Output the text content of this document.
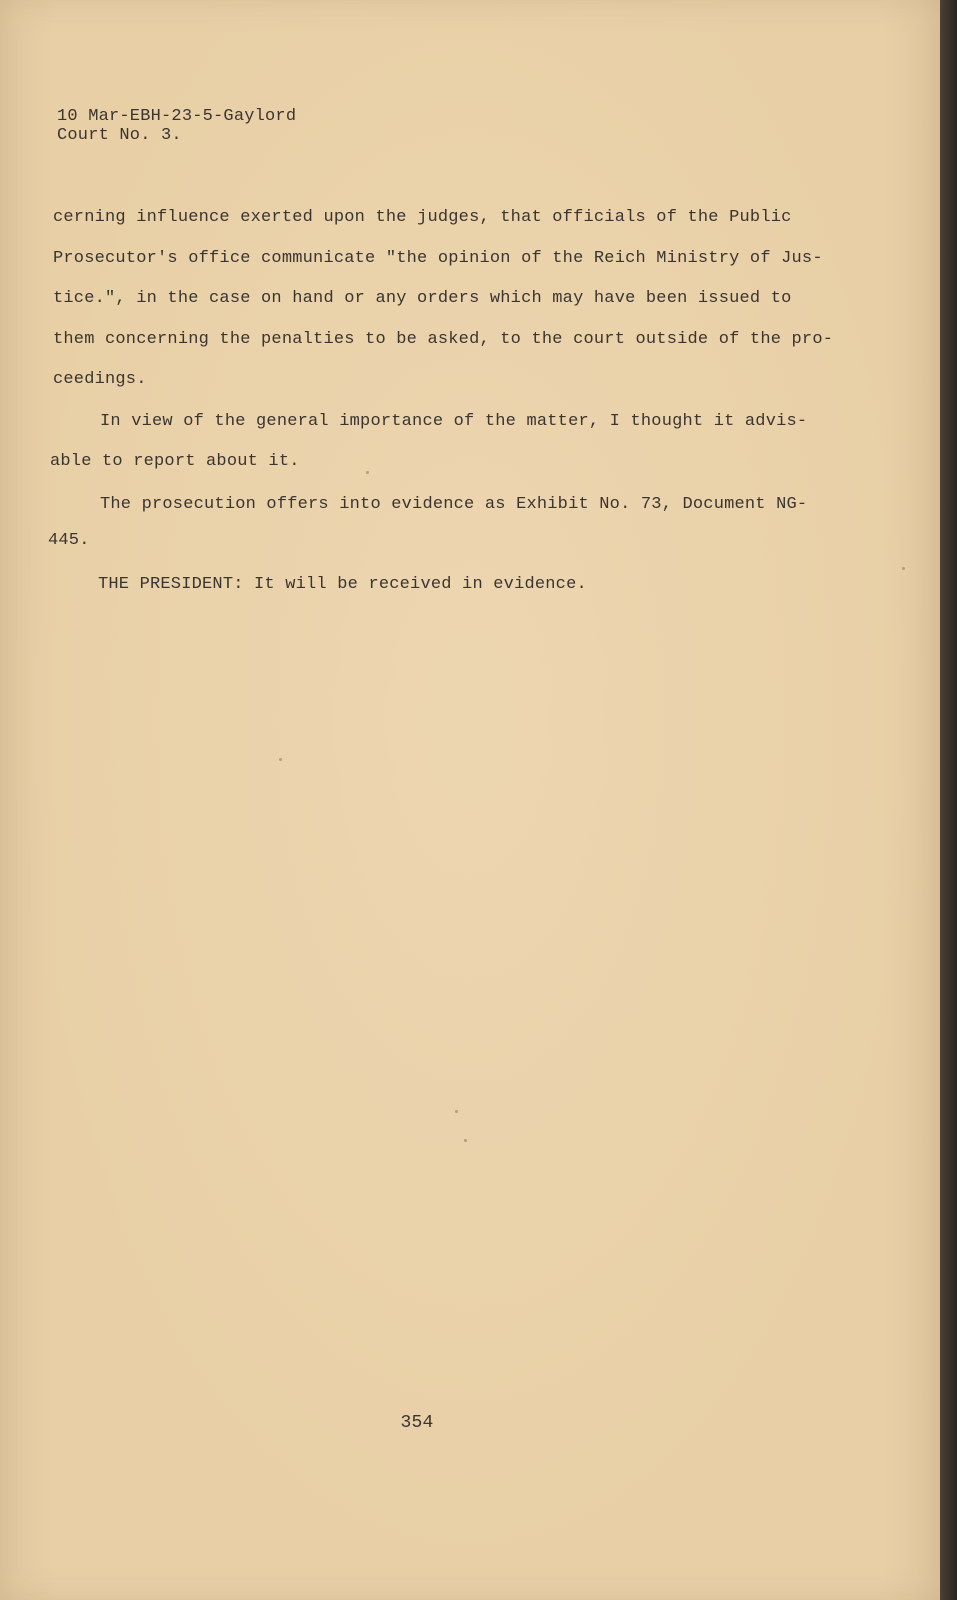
10 Mar-EBH-23-5-Gaylord
Court No. 3.
cerning influence exerted upon the judges, that officials of the Public
Prosecutor's office communicate "the opinion of the Reich Ministry of Jus-
tice.", in the case on hand or any orders which may have been issued to
them concerning the penalties to be asked, to the court outside of the pro-
ceedings.
In view of the general importance of the matter, I thought it advis-
able to report about it.
The prosecution offers into evidence as Exhibit No. 73, Document NG-
445.
THE PRESIDENT: It will be received in evidence.
354
